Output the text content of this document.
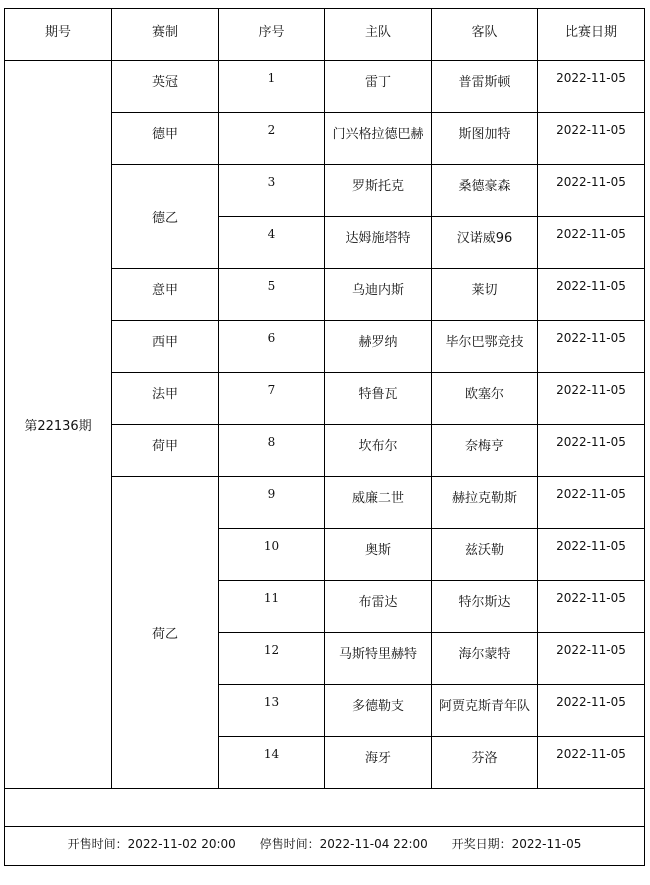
期号	赛制	序号	主队	客队	比赛日期
第22136期	英冠	1	雷丁	普雷斯顿	2022-11-05
	德甲	2	门兴格拉德巴赫	斯图加特	2022-11-05
	德乙	3	罗斯托克	桑德豪森	2022-11-05
		4	达姆施塔特	汉诺威96	2022-11-05
	意甲	5	乌迪内斯	莱切	2022-11-05
	西甲	6	赫罗纳	毕尔巴鄂竞技	2022-11-05
	法甲	7	特鲁瓦	欧塞尔	2022-11-05
	荷甲	8	坎布尔	奈梅亨	2022-11-05
	荷乙	9	威廉二世	赫拉克勒斯	2022-11-05
		10	奥斯	兹沃勒	2022-11-05
		11	布雷达	特尔斯达	2022-11-05
		12	马斯特里赫特	海尔蒙特	2022-11-05
		13	多德勒支	阿贾克斯青年队	2022-11-05
		14	海牙	芬洛	2022-11-05

开售时间：2022-11-02 20:00 停售时间：2022-11-04 22:00 开奖日期：2022-11-05					
